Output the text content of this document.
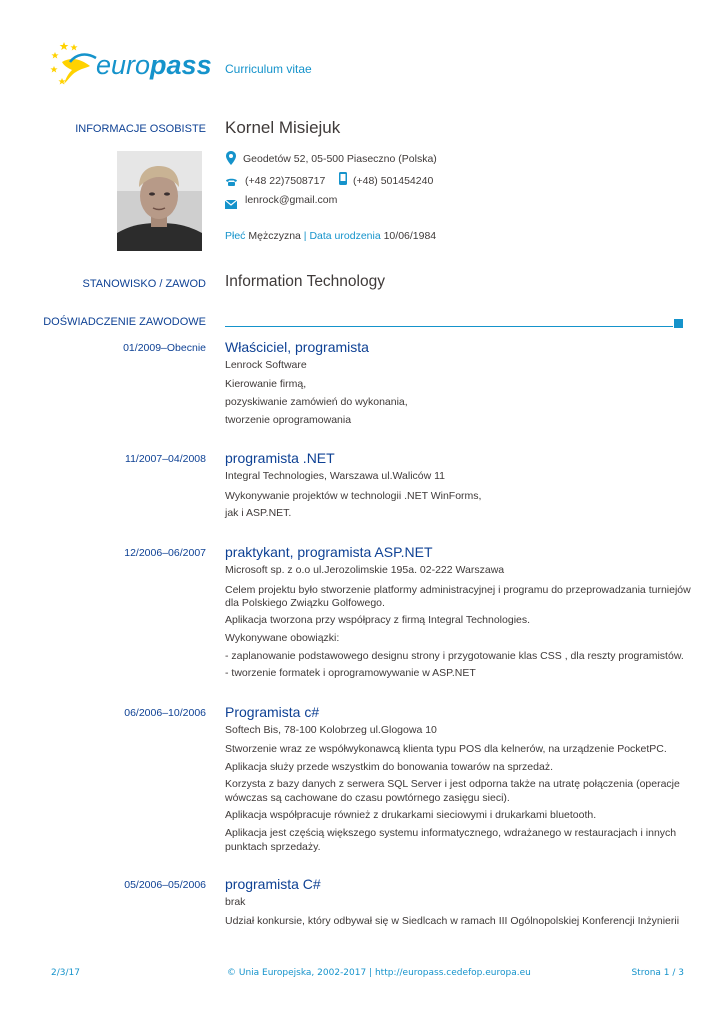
europass Curriculum vitae
INFORMACJE OSOBISTE Kornel Misiejuk
Geodetów 52, 05-500 Piaseczno (Polska)
(+48 22)7508717	(+48) 501454240
lenrock@gmail.com
Płeć Mężczyzna | Data urodzenia 10/06/1984
STANOWISKO / ZAWOD Information Technology
DOŚWIADCZENIE ZAWODOWE
01/2009–Obecnie Właściciel, programista
Lenrock Software
Kierowanie firmą,
pozyskiwanie zamówień do wykonania,
tworzenie oprogramowania
11/2007–04/2008 programista .NET
Integral Technologies, Warszawa ul.Waliców 11
Wykonywanie projektów w technologii .NET WinForms,
jak i ASP.NET.
12/2006–06/2007 praktykant, programista ASP.NET
Microsoft sp. z o.o ul.Jerozolimskie 195a. 02-222 Warszawa
Celem projektu było stworzenie platformy administracyjnej i programu do przeprowadzania turniejów
dla Polskiego Związku Golfowego.
Aplikacja tworzona przy współpracy z firmą Integral Technologies.
Wykonywane obowiązki:
- zaplanowanie podstawowego designu strony i przygotowanie klas CSS , dla reszty programistów.
- tworzenie formatek i oprogramowywanie w ASP.NET
06/2006–10/2006 Programista c#
Softech Bis, 78-100 Kolobrzeg ul.Glogowa 10
Stworzenie wraz ze współwykonawcą klienta typu POS dla kelnerów, na urządzenie PocketPC.
Aplikacja służy przede wszystkim do bonowania towarów na sprzedaż.
Korzysta z bazy danych z serwera SQL Server i jest odporna także na utratę połączenia (operacje
wówczas są cachowane do czasu powtórnego zasięgu sieci).
Aplikacja współpracuje również z drukarkami sieciowymi i drukarkami bluetooth.
Aplikacja jest częścią większego systemu informatycznego, wdrażanego w restauracjach i innych
punktach sprzedaży.
05/2006–05/2006 programista C#
brak
Udział konkursie, który odbywał się w Siedlcach w ramach III Ogólnopolskiej Konferencji Inżynierii
2/3/17	© Unia Europejska, 2002-2017 | http://europass.cedefop.europa.eu	Strona 1 / 3
